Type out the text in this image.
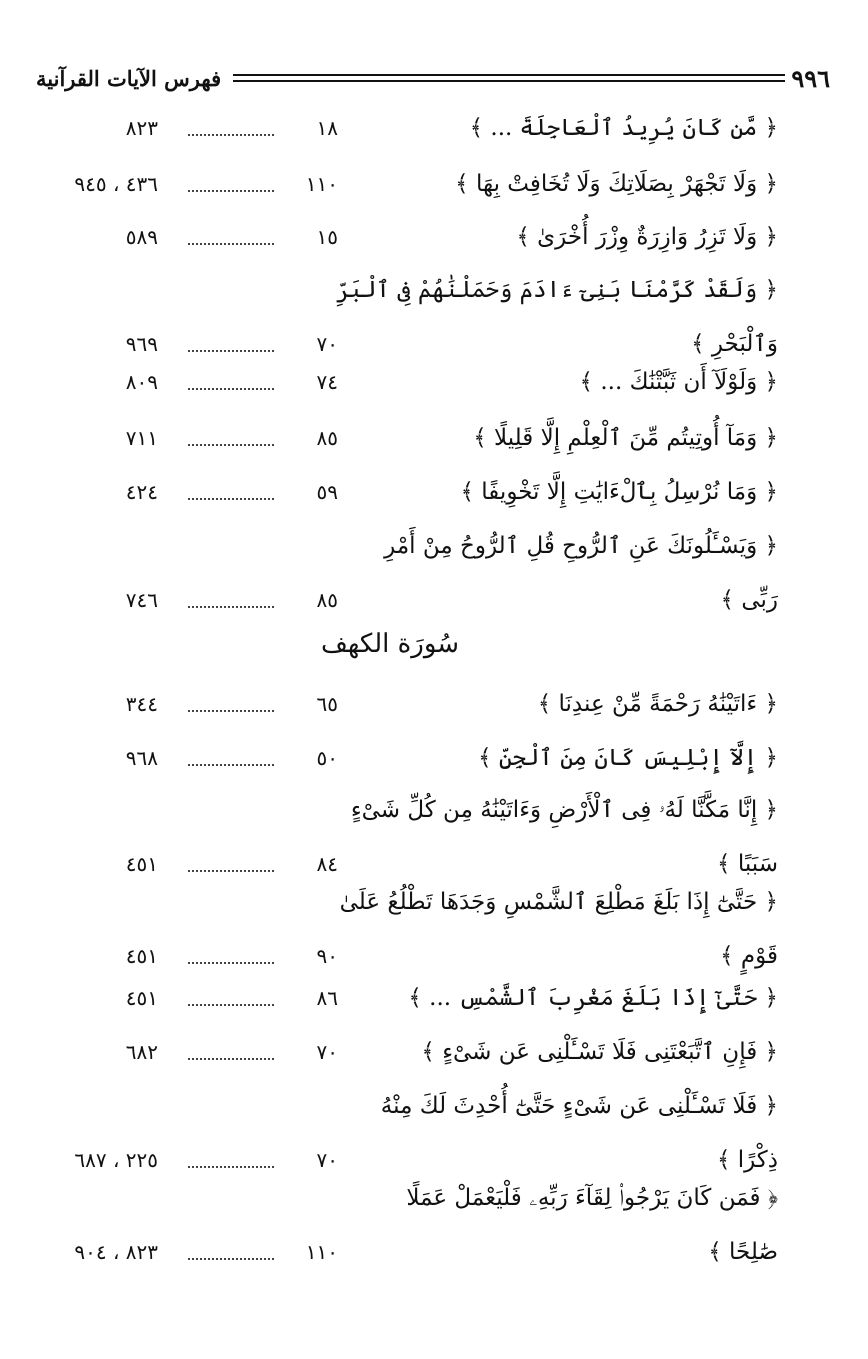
فهرس الآيات القرآنية	٩٩٦
﴿ مَّن كَانَ يُرِيدُ ٱلْعَاجِلَةَ ... ﴾
١٨
٨٢٣
﴿ وَلَا تَجْهَرْ بِصَلَاتِكَ وَلَا تُخَافِتْ بِهَا ﴾
١١٠
٤٣٦ ، ٩٤٥
﴿ وَلَا تَزِرُ وَازِرَةٌ وِزْرَ أُخْرَىٰ ﴾
١٥
٥٨٩
﴿ وَلَقَدْ كَرَّمْنَا بَنِىٓ ءَادَمَ وَحَمَلْنَٰهُمْ فِى ٱلْبَرِّ
وَٱلْبَحْرِ ﴾
٧٠
٩٦٩
﴿ وَلَوْلَآ أَن ثَبَّتْنَٰكَ ... ﴾
٧٤
٨٠٩
﴿ وَمَآ أُوتِيتُم مِّنَ ٱلْعِلْمِ إِلَّا قَلِيلًا ﴾
٨٥
٧١١
﴿ وَمَا نُرْسِلُ بِٱلْءَايَٰتِ إِلَّا تَخْوِيفًا ﴾
٥٩
٤٢٤
﴿ وَيَسْـَٔلُونَكَ عَنِ ٱلرُّوحِ قُلِ ٱلرُّوحُ مِنْ أَمْرِ
رَبِّى ﴾
٨٥
٧٤٦
﴿ ءَاتَيْنَٰهُ رَحْمَةً مِّنْ عِندِنَا ﴾
٦٥
٣٤٤
﴿ إِلَّآ إِبْلِيسَ كَانَ مِنَ ٱلْجِنِّ ﴾
٥٠
٩٦٨
﴿ إِنَّا مَكَّنَّا لَهُۥ فِى ٱلْأَرْضِ وَءَاتَيْنَٰهُ مِن كُلِّ شَىْءٍ
سَبَبًا ﴾
٨٤
٤٥١
﴿ حَتَّىٰٓ إِذَا بَلَغَ مَطْلِعَ ٱلشَّمْسِ وَجَدَهَا تَطْلُعُ عَلَىٰ
قَوْمٍ ﴾
٩٠
٤٥١
﴿ حَتَّىٰٓ إِذَا بَلَغَ مَغْرِبَ ٱلشَّمْسِ ... ﴾
٨٦
٤٥١
﴿ فَإِنِ ٱتَّبَعْتَنِى فَلَا تَسْـَٔلْنِى عَن شَىْءٍ ﴾
٧٠
٦٨٢
﴿ فَلَا تَسْـَٔلْنِى عَن شَىْءٍ حَتَّىٰٓ أُحْدِثَ لَكَ مِنْهُ
ذِكْرًا ﴾
٧٠
٢٢٥ ، ٦٨٧
﴿ فَمَن كَانَ يَرْجُوا۟ لِقَآءَ رَبِّهِۦ فَلْيَعْمَلْ عَمَلًا
صَٰلِحًا ﴾
١١٠
٨٢٣ ، ٩٠٤
سُورَة الكهف
